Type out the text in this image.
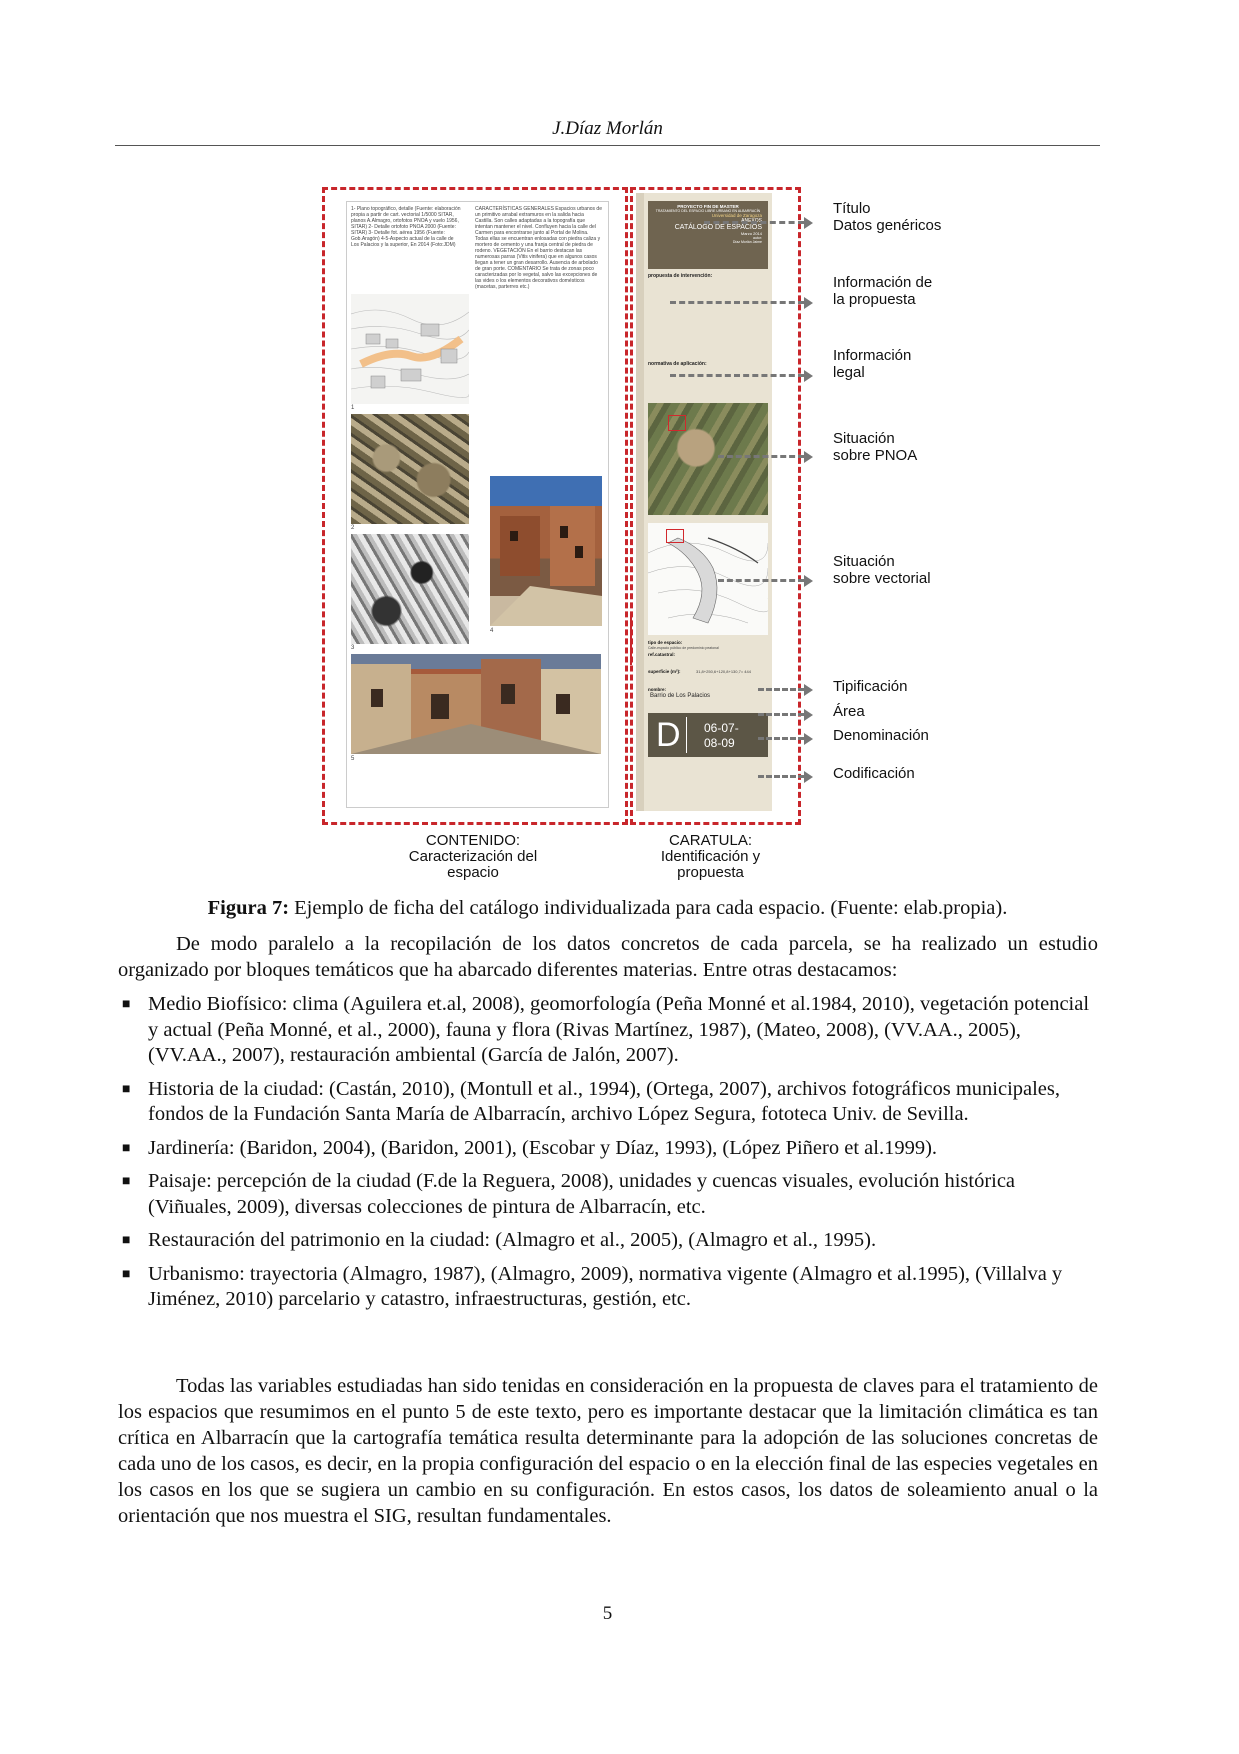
J.Díaz Morlán
1- Plano topográfico, detalle (Fuente: elaboración propia a partir de cart. vectorial 1/5000 SITAR, planos A.Almagro, ortofotos PNOA y vuelo 1956, SITAR) 2- Detalle ortofoto PNOA 2000 (Fuente: SITAR) 3- Detalle fot. aérea 1956 (Fuente: Gob.Aragón) 4-5-Aspecto actual de la calle de Los Palacios y la superior, En 2014 (Foto:JDM)
CARACTERÍSTICAS GENERALES Espacios urbanos de un primitivo arrabal extramuros en la salida hacia Castilla. Son calles adaptadas a la topografía que intentan mantener el nivel. Confluyen hacia la calle del Carmen para encontrarse junto al Portal de Molina. Todas ellas se encuentran enlosadas con piedra caliza y mortero de cemento y una franja central de piedra de rodeno. VEGETACIÓN En el barrio destacan las numerosas parras (Vitis vinifera) que en algunos casos llegan a tener un gran desarrollo. Ausencia de arbolado de gran porte. COMENTARIO Se trata de zonas poco caracterizadas por lo vegetal, salvo las excepciones de las vides o los elementos decorativos domésticos (macetas, parterres etc.)
1
2
3
4
5
PROYECTO FIN DE MASTER
TRATAMIENTO DEL ESPACIO LIBRE URBANO EN ALBARRACÍN
Universidad de Zaragoza
ANEXOS
CATÁLOGO DE ESPACIOS
Marzo 2014
autor:
Díaz Morlán Jaime
propuesta de intervención:
normativa de aplicación:
tipo de espacio:
Calle-espacio público de predominio peatonal
ref.catastral:
superficie (m²):	31,8+250,6+120,8+130,7= 444
nombre:
Barrio de Los Palacios
D 06-07-
08-09
Título
Datos genéricos
Información de
la propuesta
Información
legal
Situación
sobre PNOA
Situación
sobre vectorial
Tipificación
Área
Denominación
Codificación
CONTENIDO:
Caracterización del
espacio
CARATULA:
Identificación y
propuesta
Figura 7: Ejemplo de ficha del catálogo individualizada para cada espacio. (Fuente: elab.propia).
De modo paralelo a la recopilación de los datos concretos de cada parcela, se ha realizado un estudio organizado por bloques temáticos que ha abarcado diferentes materias. Entre otras destacamos:
■ Medio Biofísico: clima (Aguilera et.al, 2008), geomorfología (Peña Monné et al.1984, 2010), vegetación potencial y actual (Peña Monné, et al., 2000), fauna y flora (Rivas Martínez, 1987), (Mateo, 2008), (VV.AA., 2005), (VV.AA., 2007), restauración ambiental (García de Jalón, 2007).
■ Historia de la ciudad: (Castán, 2010), (Montull et al., 1994), (Ortega, 2007), archivos fotográficos municipales, fondos de la Fundación Santa María de Albarracín, archivo López Segura, fototeca Univ. de Sevilla.
■ Jardinería: (Baridon, 2004), (Baridon, 2001), (Escobar y Díaz, 1993), (López Piñero et al.1999).
■ Paisaje: percepción de la ciudad (F.de la Reguera, 2008), unidades y cuencas visuales, evolución histórica (Viñuales, 2009), diversas colecciones de pintura de Albarracín, etc.
■ Restauración del patrimonio en la ciudad: (Almagro et al., 2005), (Almagro et al., 1995).
■ Urbanismo: trayectoria (Almagro, 1987), (Almagro, 2009), normativa vigente (Almagro et al.1995), (Villalva y Jiménez, 2010) parcelario y catastro, infraestructuras, gestión, etc.
Todas las variables estudiadas han sido tenidas en consideración en la propuesta de claves para el tratamiento de los espacios que resumimos en el punto 5 de este texto, pero es importante destacar que la limitación climática es tan crítica en Albarracín que la cartografía temática resulta determinante para la adopción de las soluciones concretas de cada uno de los casos, es decir, en la propia configuración del espacio o en la elección final de las especies vegetales en los casos en los que se sugiera un cambio en su configuración. En estos casos, los datos de soleamiento anual o la orientación que nos muestra el SIG, resultan fundamentales.
5
